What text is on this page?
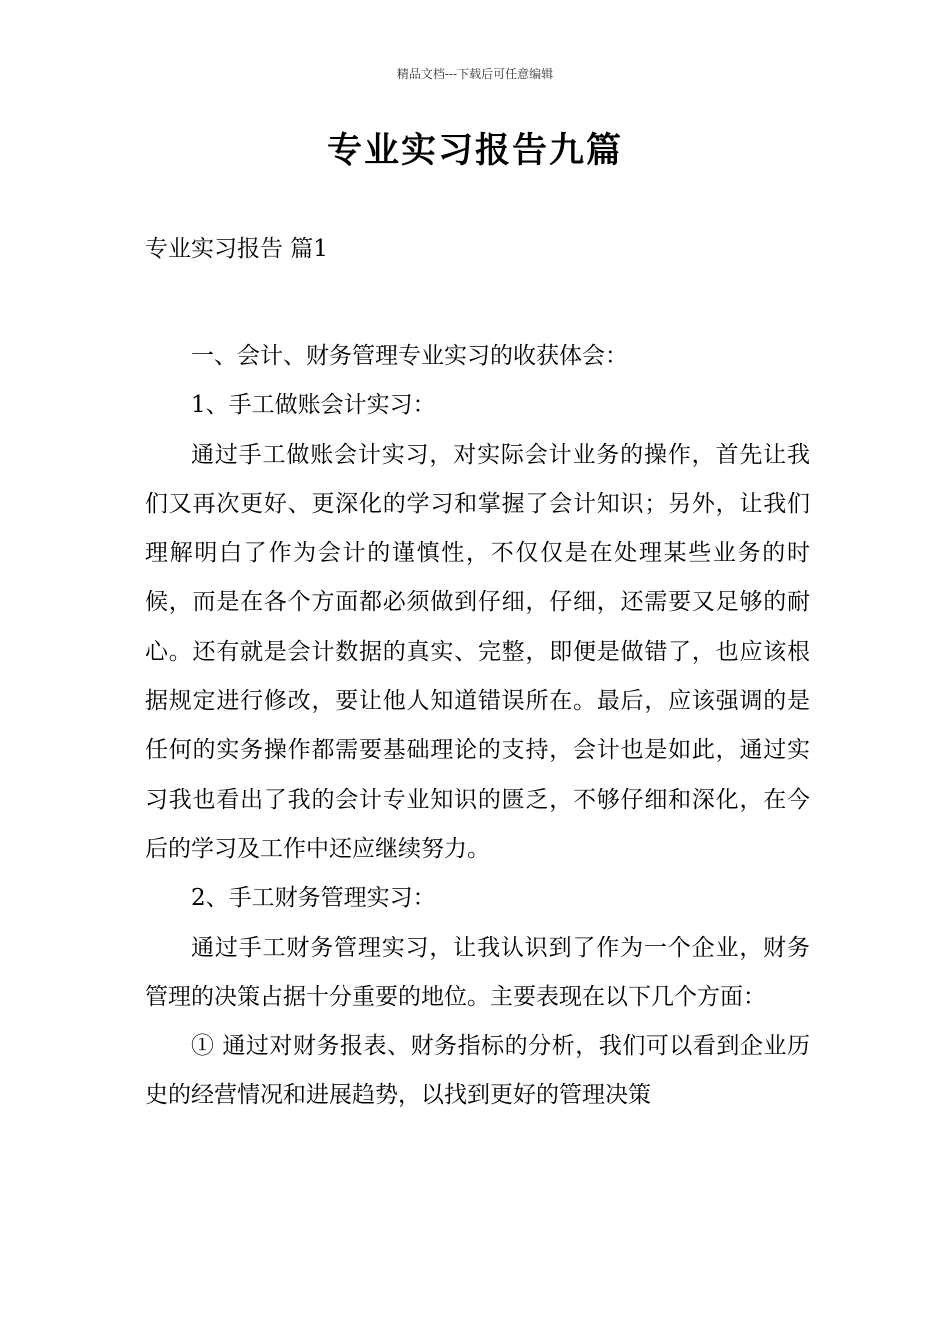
精品文档---下载后可任意编辑
专业实习报告九篇
专业实习报告 篇1

一、会计、财务管理专业实习的收获体会：

1、手工做账会计实习：

通过手工做账会计实习，对实际会计业务的操作，首先让我们又再次更好、更深化的学习和掌握了会计知识；另外，让我们理解明白了作为会计的谨慎性，不仅仅是在处理某些业务的时候，而是在各个方面都必须做到仔细，仔细，还需要又足够的耐心。还有就是会计数据的真实、完整，即便是做错了，也应该根据规定进行修改，要让他人知道错误所在。最后，应该强调的是任何的实务操作都需要基础理论的支持，会计也是如此，通过实习我也看出了我的会计专业知识的匮乏，不够仔细和深化，在今后的学习及工作中还应继续努力。

2、手工财务管理实习：

通过手工财务管理实习，让我认识到了作为一个企业，财务管理的决策占据十分重要的地位。主要表现在以下几个方面：

① 通过对财务报表、财务指标的分析，我们可以看到企业历史的经营情况和进展趋势，以找到更好的管理决策
